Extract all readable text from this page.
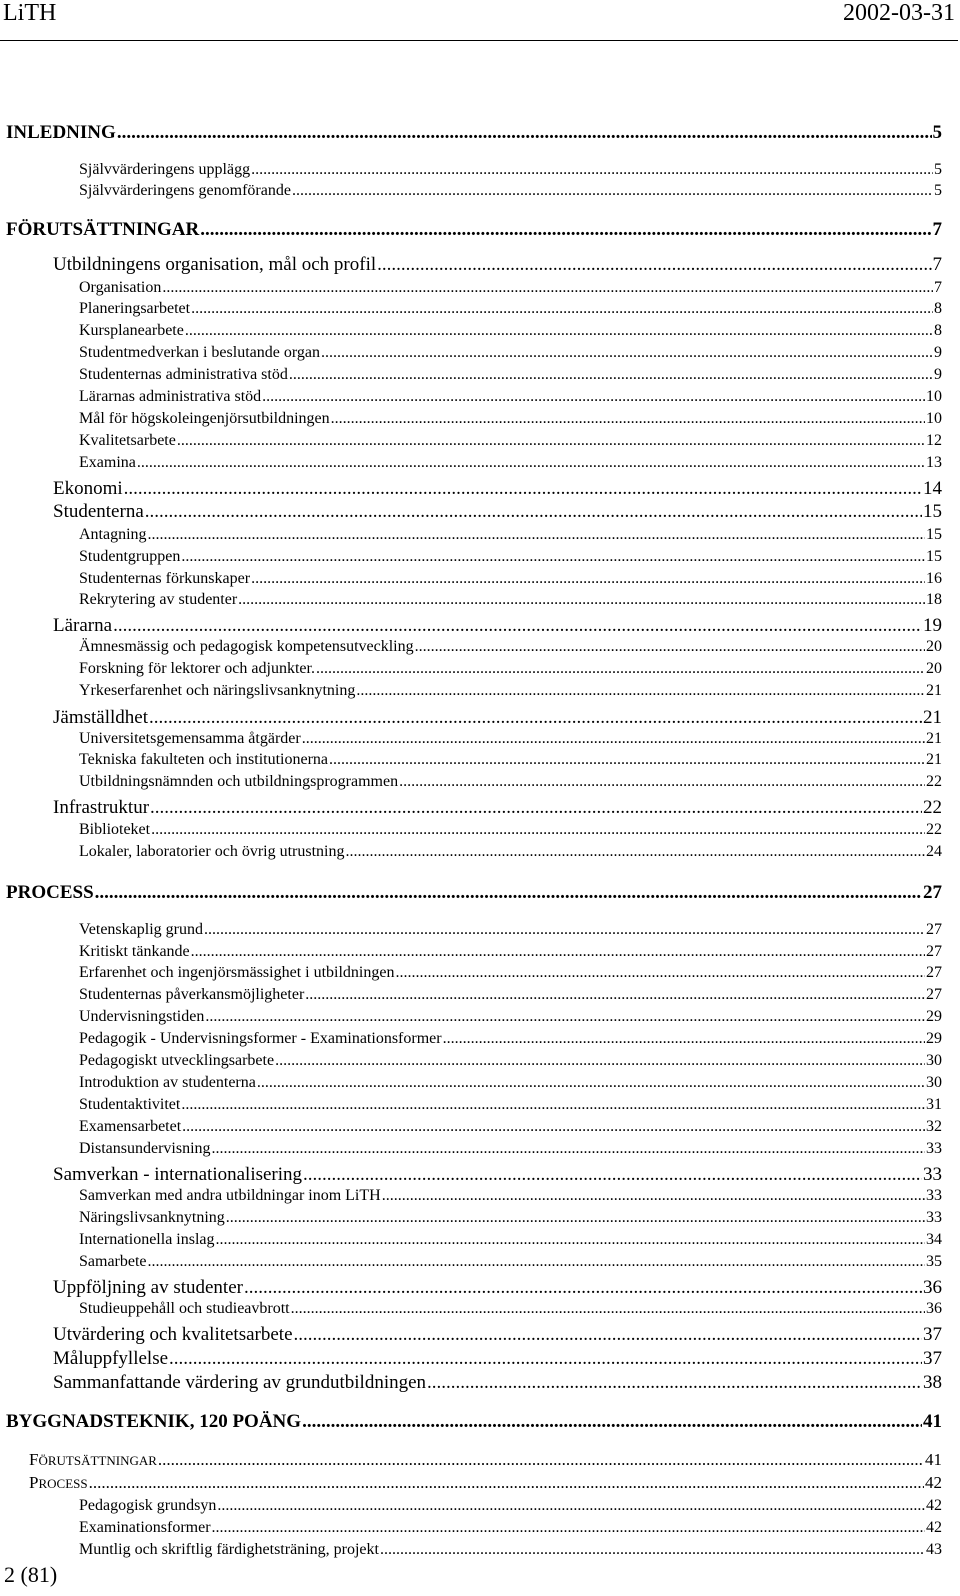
LiTH	2002-03-31
INLEDNING .....	5
Självvärderingens upplägg .....	5
Självvärderingens genomförande .....	5
FÖRUTSÄTTNINGAR .....	7
Utbildningens organisation, mål och profil .....	7
Organisation .....	7
Planeringsarbetet .....	8
Kursplanearbete .....	8
Studentmedverkan i beslutande organ .....	9
Studenternas administrativa stöd .....	9
Lärarnas administrativa stöd .....	10
Mål för högskoleingenjörsutbildningen .....	10
Kvalitetsarbete .....	12
Examina .....	13
Ekonomi .....	14
Studenterna .....	15
Antagning .....	15
Studentgruppen .....	15
Studenternas förkunskaper .....	16
Rekrytering av studenter .....	18
Lärarna .....	19
Ämnesmässig och pedagogisk kompetensutveckling .....	20
Forskning för lektorer och adjunkter. .....	20
Yrkeserfarenhet och näringslivsanknytning .....	21
Jämställdhet .....	21
Universitetsgemensamma åtgärder .....	21
Tekniska fakulteten och institutionerna .....	21
Utbildningsnämnden och utbildningsprogrammen .....	22
Infrastruktur .....	22
Biblioteket .....	22
Lokaler, laboratorier och övrig utrustning .....	24
PROCESS .....	27
Vetenskaplig grund .....	27
Kritiskt tänkande .....	27
Erfarenhet och ingenjörsmässighet i utbildningen .....	27
Studenternas påverkansmöjligheter .....	27
Undervisningstiden .....	29
Pedagogik - Undervisningsformer - Examinationsformer .....	29
Pedagogiskt utvecklingsarbete .....	30
Introduktion av studenterna .....	30
Studentaktivitet .....	31
Examensarbetet .....	32
Distansundervisning .....	33
Samverkan - internationalisering .....	33
Samverkan med andra utbildningar inom LiTH .....	33
Näringslivsanknytning .....	33
Internationella inslag .....	34
Samarbete .....	35
Uppföljning av studenter .....	36
Studieuppehåll och studieavbrott .....	36
Utvärdering och kvalitetsarbete .....	37
Måluppfyllelse .....	37
Sammanfattande värdering av grundutbildningen .....	38
BYGGNADSTEKNIK, 120 POÄNG .....	41
FÖRUTSÄTTNINGAR .....	41
PROCESS .....	42
Pedagogisk grundsyn .....	42
Examinationsformer .....	42
Muntlig och skriftlig färdighetsträning, projekt .....	43
2 (81)
